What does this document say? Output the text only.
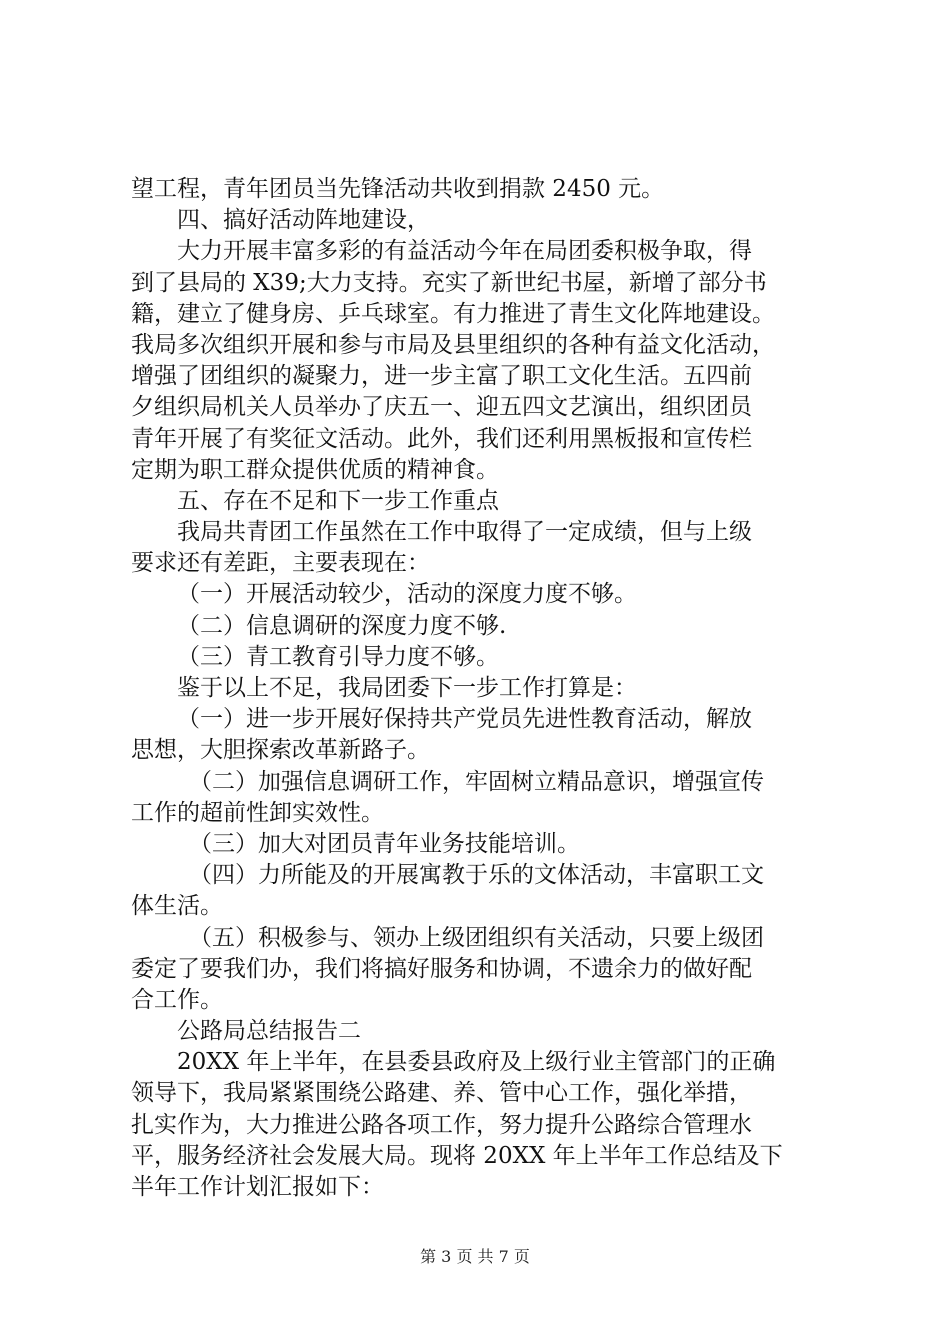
望工程，青年团员当先锋活动共收到捐款 2450 元。
四、搞好活动阵地建设，
大力开展丰富多彩的有益活动今年在局团委积极争取，得
到了县局的 X39;大力支持。充实了新世纪书屋，新增了部分书
籍，建立了健身房、乒乓球室。有力推进了青生文化阵地建设。
我局多次组织开展和参与市局及县里组织的各种有益文化活动，
增强了团组织的凝聚力，进一步主富了职工文化生活。五四前
夕组织局机关人员举办了庆五一、迎五四文艺演出，组织团员
青年开展了有奖征文活动。此外，我们还利用黑板报和宣传栏
定期为职工群众提供优质的精神食。
五、存在不足和下一步工作重点
我局共青团工作虽然在工作中取得了一定成绩，但与上级
要求还有差距，主要表现在：
（一）开展活动较少，活动的深度力度不够。
（二）信息调研的深度力度不够.
（三）青工教育引导力度不够。
鉴于以上不足，我局团委下一步工作打算是：
（一）进一步开展好保持共产党员先进性教育活动，解放
思想，大胆探索改革新路子。
（二）加强信息调研工作，牢固树立精品意识，增强宣传
工作的超前性卸实效性。
（三）加大对团员青年业务技能培训。
（四）力所能及的开展寓教于乐的文体活动，丰富职工文
体生活。
（五）积极参与、领办上级团组织有关活动，只要上级团
委定了要我们办，我们将搞好服务和协调，不遗余力的做好配
合工作。
公路局总结报告二
20XX 年上半年，在县委县政府及上级行业主管部门的正确
领导下，我局紧紧围绕公路建、养、管中心工作，强化举措，
扎实作为，大力推进公路各项工作，努力提升公路综合管理水
平，服务经济社会发展大局。现将 20XX 年上半年工作总结及下
半年工作计划汇报如下：
第 3 页 共 7 页
